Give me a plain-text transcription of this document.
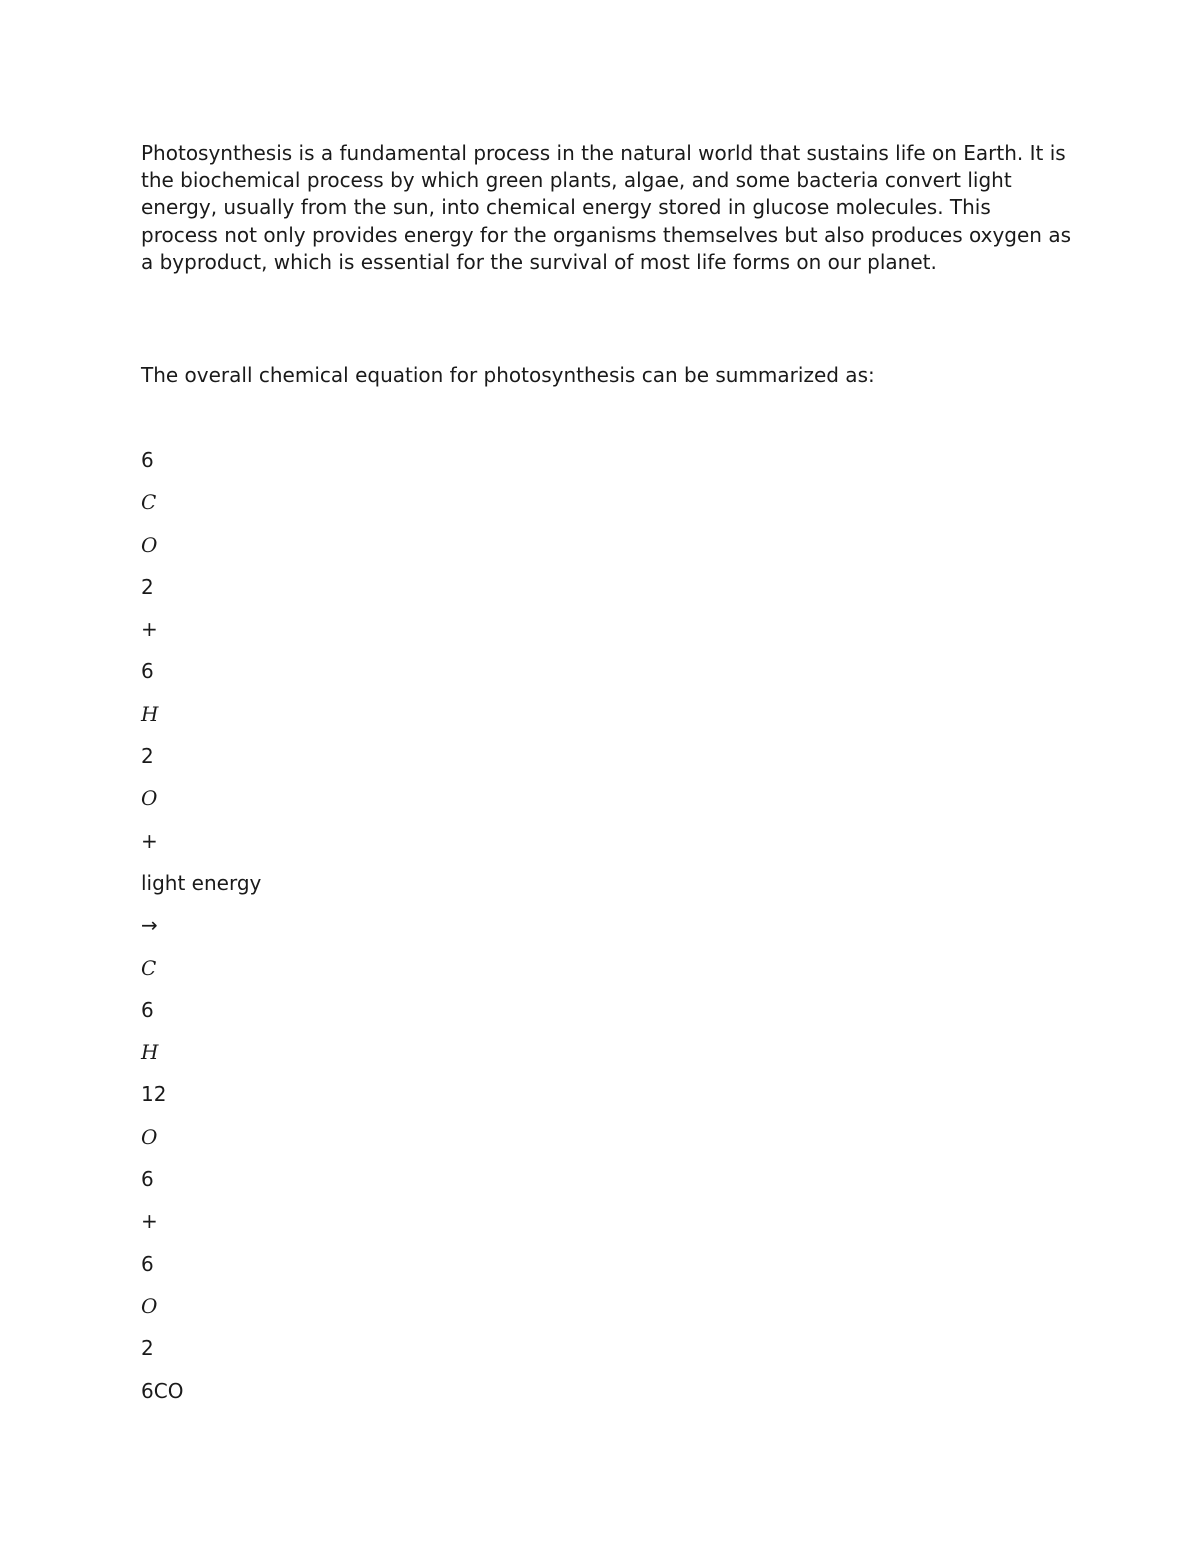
Photosynthesis is a fundamental process in the natural world that sustains life on Earth. It is the biochemical process by which green plants, algae, and some bacteria convert light energy, usually from the sun, into chemical energy stored in glucose molecules. This process not only provides energy for the organisms themselves but also produces oxygen as a byproduct, which is essential for the survival of most life forms on our planet.

The overall chemical equation for photosynthesis can be summarized as:

6
C
O
2
+
6
H
2
O
+
light energy
→
C
6
H
12
O
6
+
6
O
2
6CO
